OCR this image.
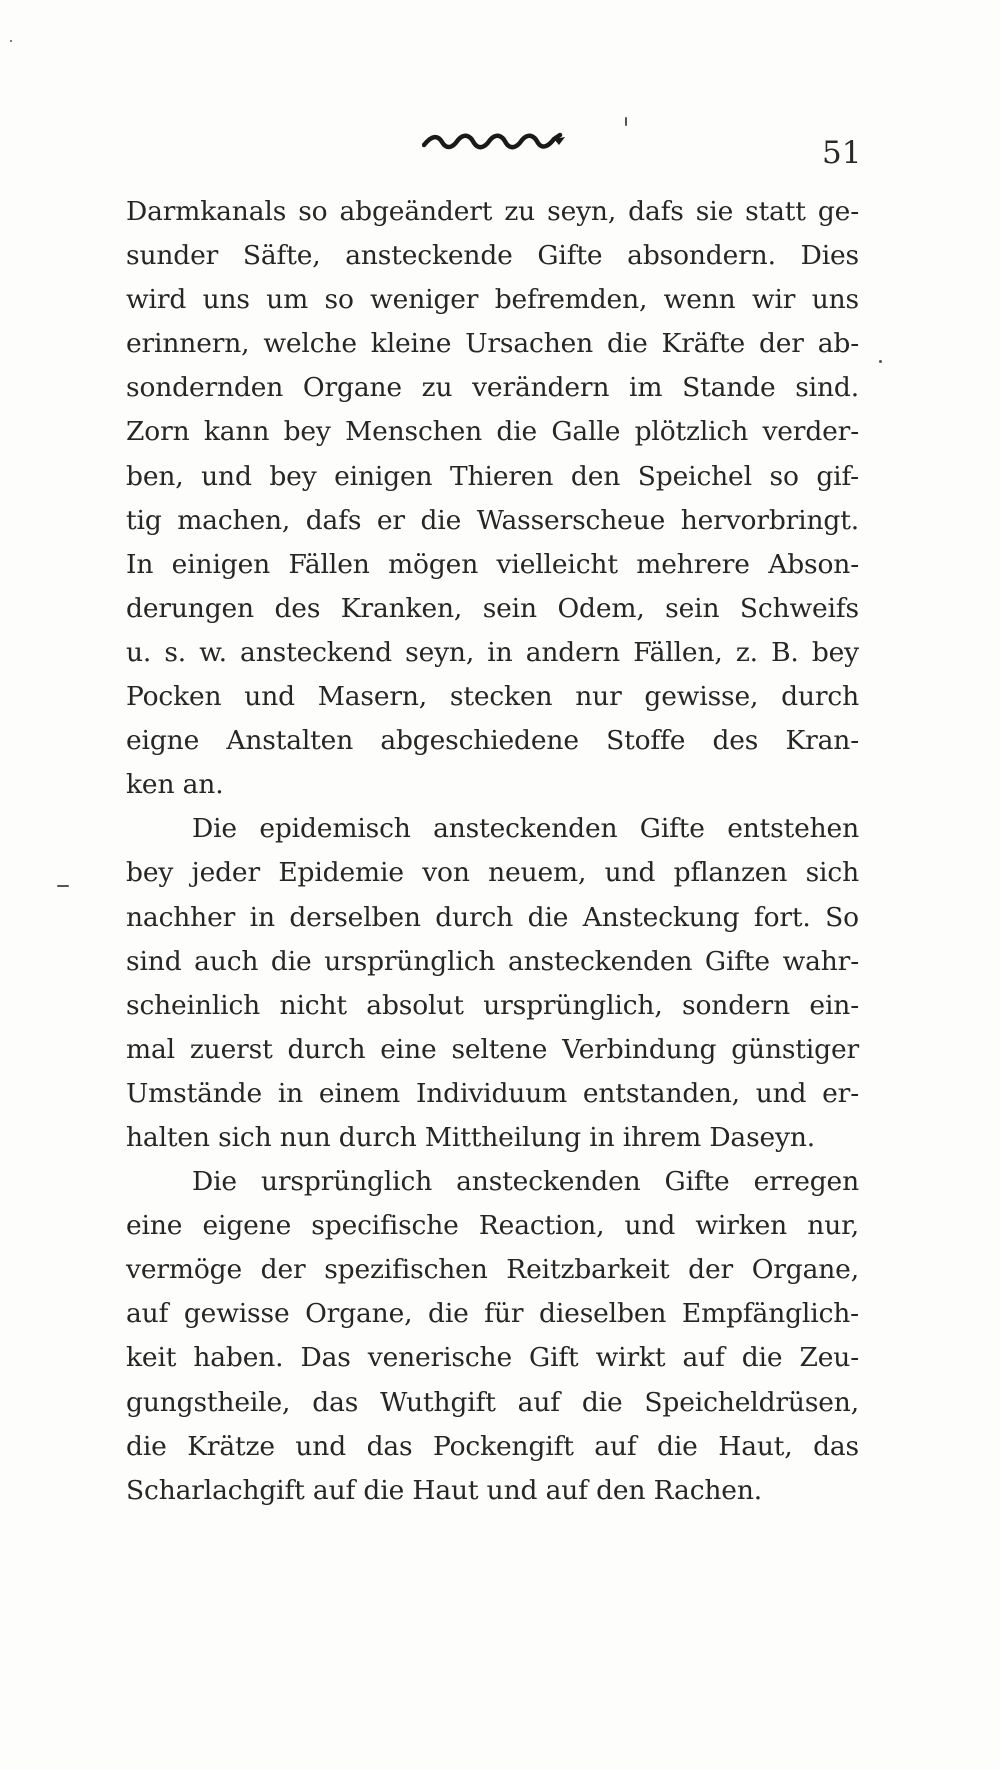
51
Darmkanals so abgeändert zu seyn, dafs sie statt ge-
sunder Säfte, ansteckende Gifte absondern. Dies
wird uns um so weniger befremden, wenn wir uns
erinnern, welche kleine Ursachen die Kräfte der ab-
sondernden Organe zu verändern im Stande sind.
Zorn kann bey Menschen die Galle plötzlich verder-
ben, und bey einigen Thieren den Speichel so gif-
tig machen, dafs er die Wasserscheue hervorbringt.
In einigen Fällen mögen vielleicht mehrere Abson-
derungen des Kranken, sein Odem, sein Schweifs
u. s. w. ansteckend seyn, in andern Fällen, z. B. bey
Pocken und Masern, stecken nur gewisse, durch
eigne Anstalten abgeschiedene Stoffe des Kran-
ken an.
Die epidemisch ansteckenden Gifte entstehen
bey jeder Epidemie von neuem, und pflanzen sich
nachher in derselben durch die Ansteckung fort. So
sind auch die ursprünglich ansteckenden Gifte wahr-
scheinlich nicht absolut ursprünglich, sondern ein-
mal zuerst durch eine seltene Verbindung günstiger
Umstände in einem Individuum entstanden, und er-
halten sich nun durch Mittheilung in ihrem Daseyn.
Die ursprünglich ansteckenden Gifte erregen
eine eigene specifische Reaction, und wirken nur,
vermöge der spezifischen Reitzbarkeit der Organe,
auf gewisse Organe, die für dieselben Empfänglich-
keit haben. Das venerische Gift wirkt auf die Zeu-
gungstheile, das Wuthgift auf die Speicheldrüsen,
die Krätze und das Pockengift auf die Haut, das
Scharlachgift auf die Haut und auf den Rachen.
